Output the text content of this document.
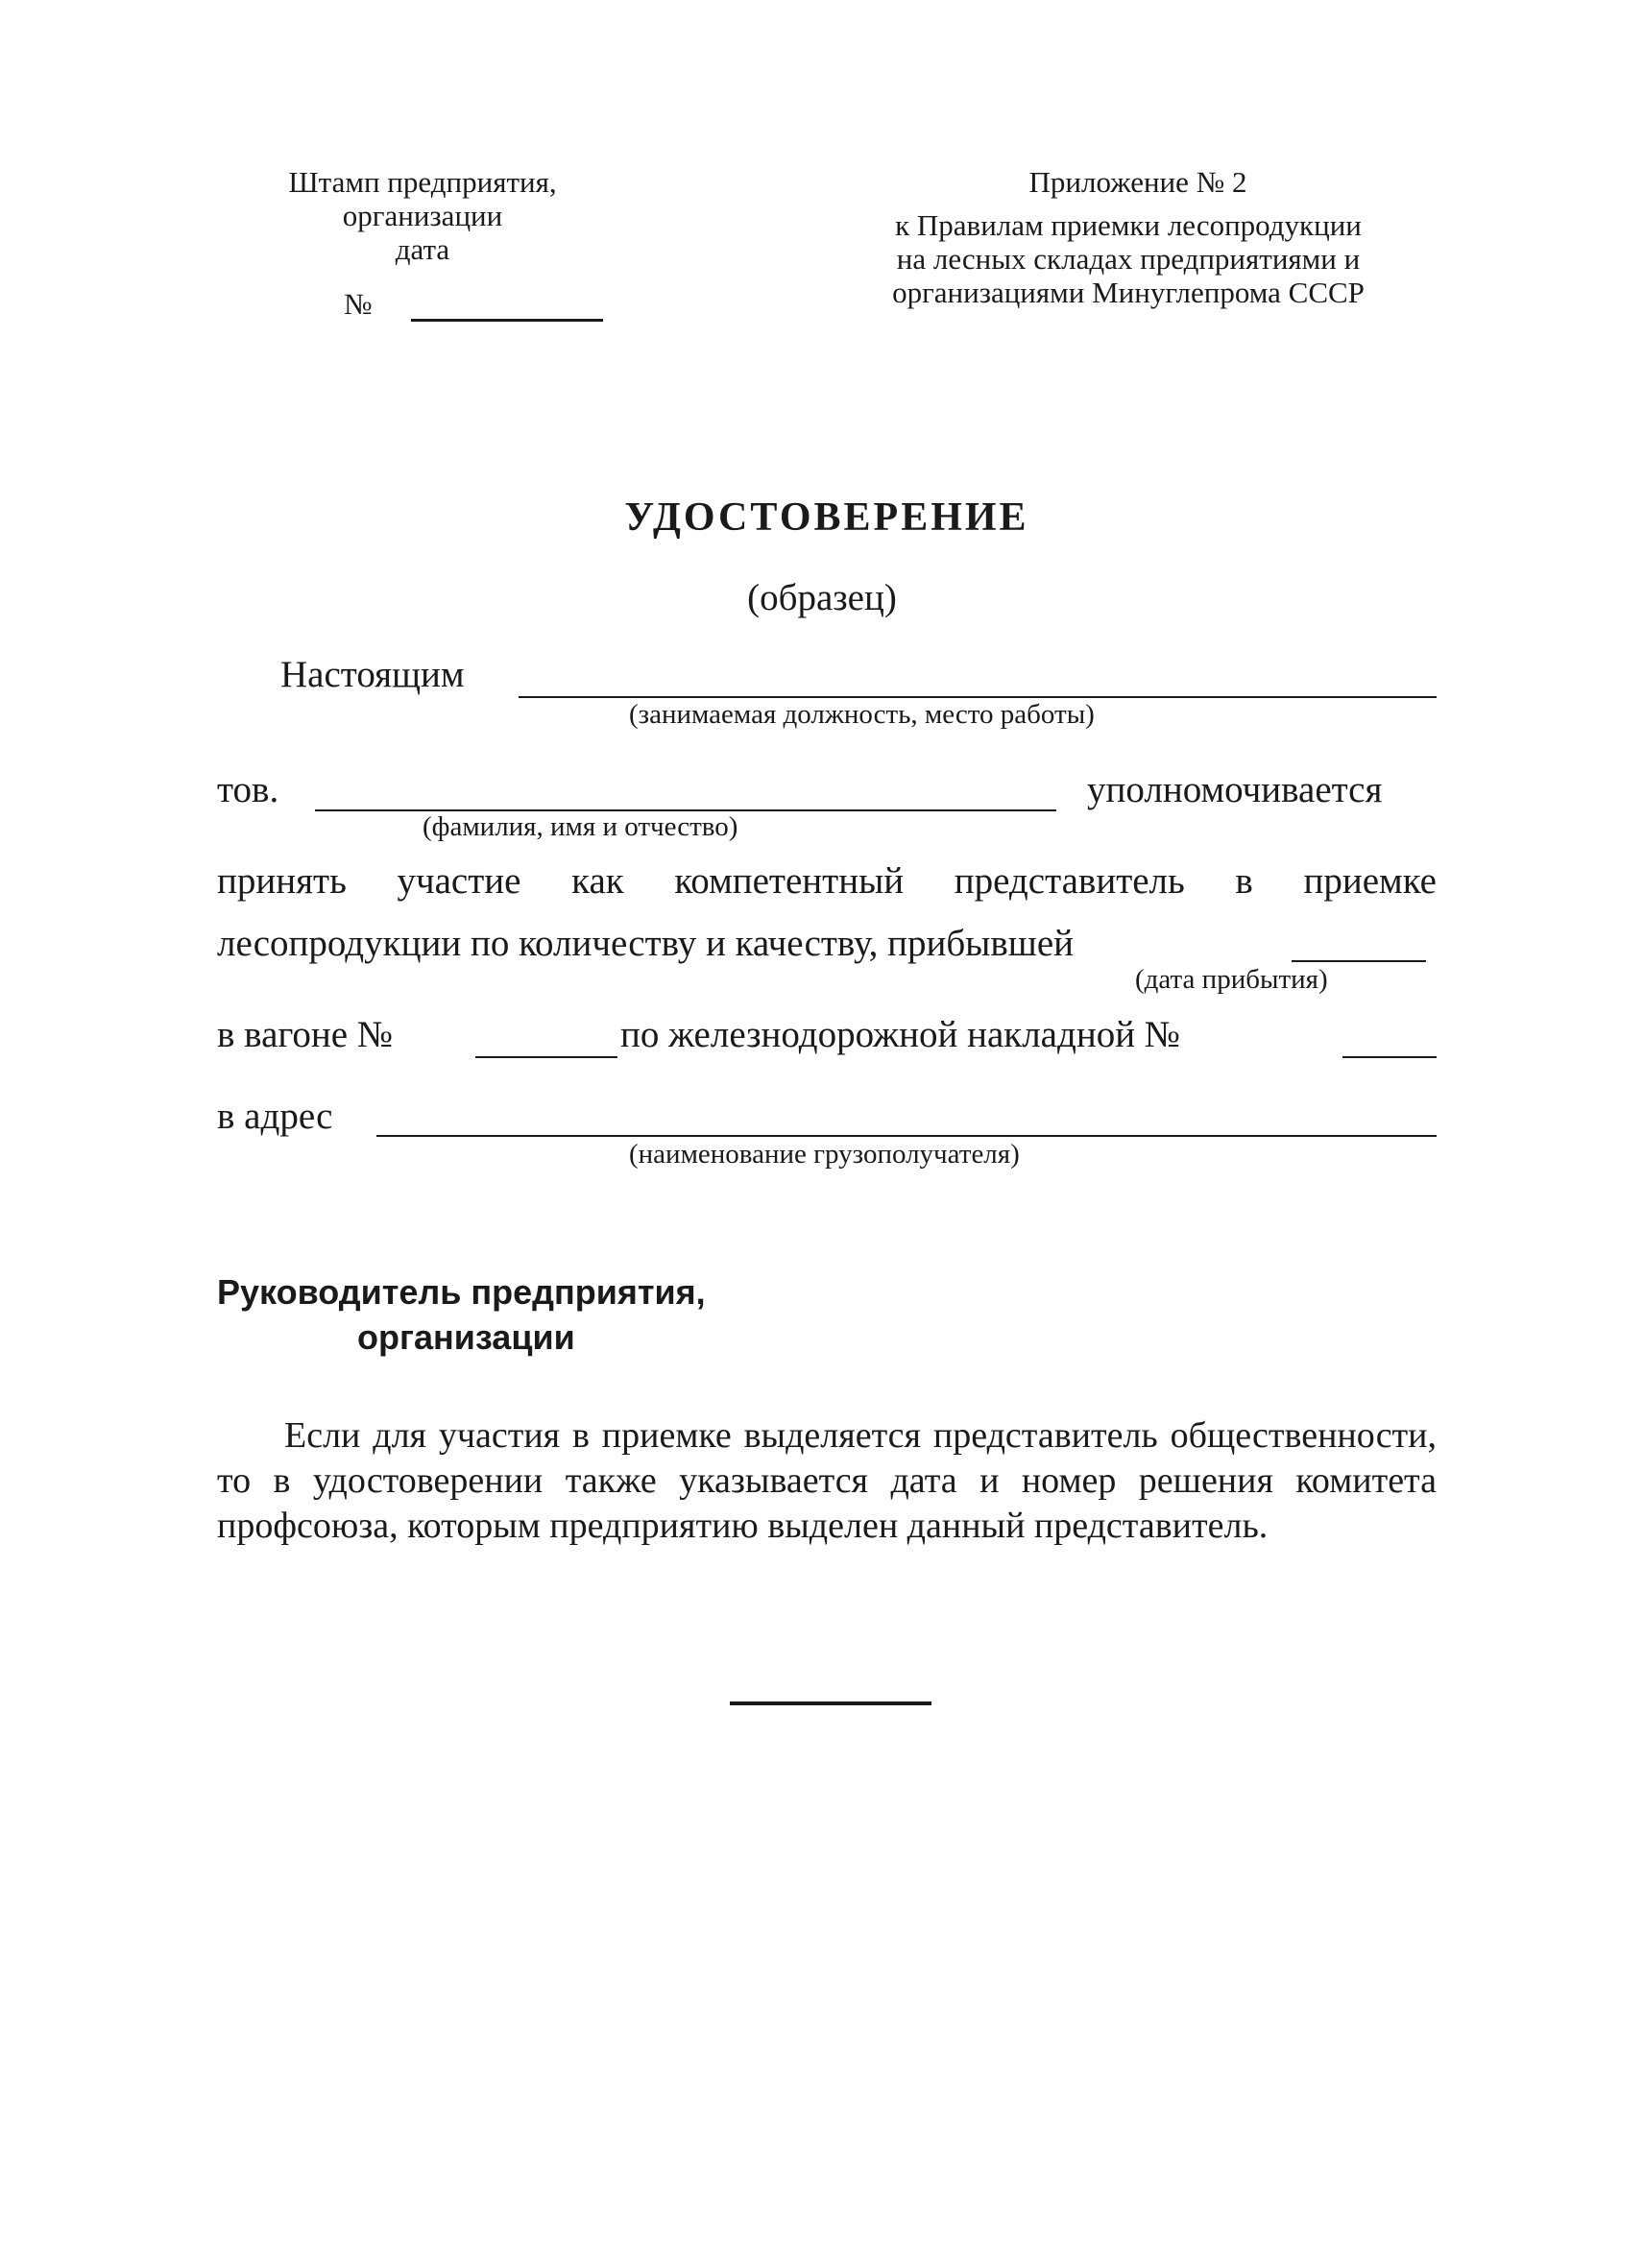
Штамп предприятия,
организации
дата
№
Приложение № 2
к Правилам приемки лесопродукции
на лесных складах предприятиями и
организациями Минуглепрома СССР
УДОСТОВЕРЕНИЕ
(образец)
Настоящим
(занимаемая должность, место работы)
тов.	уполномочивается
(фамилия, имя и отчество)
принять участие как компетентный представитель в приемке
лесопродукции по количеству и качеству, прибывшей
(дата прибытия)
в вагоне №	по железнодорожной накладной №
в адрес
(наименование грузополучателя)
Руководитель предприятия,
организации
Если для участия в приемке выделяется представитель общественности, то в удостоверении также указывается дата и номер решения комитета профсоюза, которым предприятию выделен данный представитель.
